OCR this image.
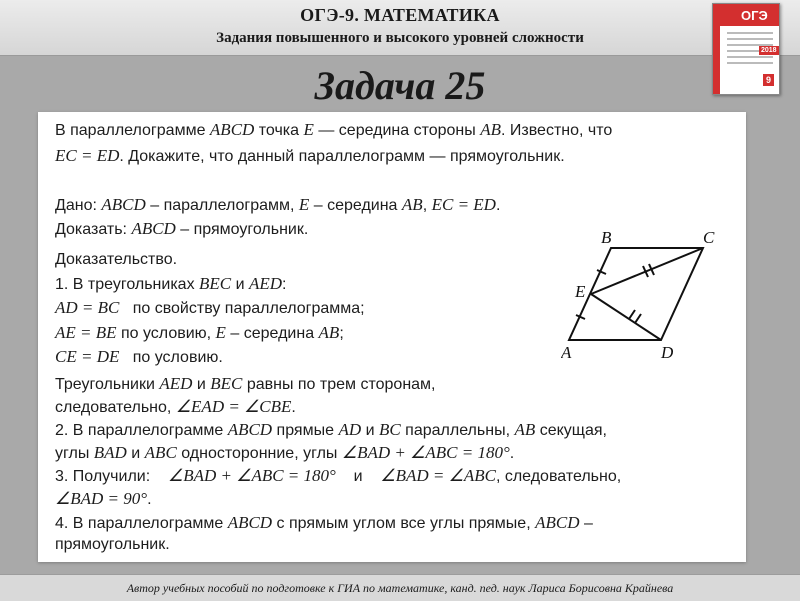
ОГЭ-9. МАТЕМАТИКА
Задания повышенного и высокого уровней сложности
ОГЭ
2018
9
Задача 25
В параллелограмме ABCD точка E — середина стороны AB. Известно, что
EC = ED. Докажите, что данный параллелограмм — прямоугольник.
Дано: ABCD – параллелограмм, E – середина AB, EC = ED.
Доказать: ABCD – прямоугольник.
Доказательство.
1. В треугольниках BEC и AED:
AD = BC по свойству параллелограмма;
AE = BE по условию, E – середина AB;
CE = DE по условию.
Треугольники AED и BEC равны по трем сторонам,
следовательно, ∠EAD = ∠CBE.
2. В параллелограмме ABCD прямые AD и BC параллельны, AB секущая,
углы BAD и ABC односторонние, углы ∠BAD + ∠ABC = 180°.
3. Получили: ∠BAD + ∠ABC = 180° и ∠BAD = ∠ABC, следовательно,
∠BAD = 90°.
4. В параллелограмме ABCD с прямым углом все углы прямые, ABCD –
прямоугольник.
B	C
E
A	D
Автор учебных пособий по подготовке к ГИА по математике, канд. пед. наук Лариса Борисовна Крайнева
